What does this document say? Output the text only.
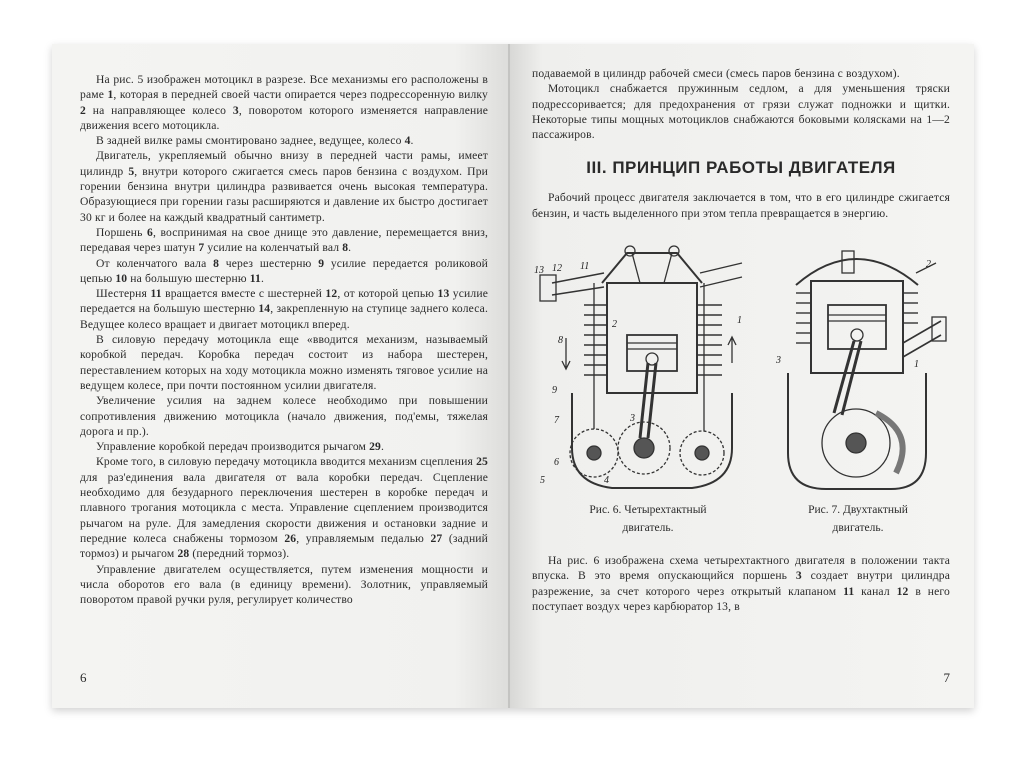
На рис. 5 изображен мотоцикл в разрезе. Все механизмы его расположены в раме 1, которая в передней своей части опирается через подрессоренную вилку 2 на направляющее колесо 3, поворотом которого изменяется направление движения всего мотоцикла.

В задней вилке рамы смонтировано заднее, ведущее, колесо 4.

Двигатель, укрепляемый обычно внизу в передней части рамы, имеет цилиндр 5, внутри которого сжигается смесь паров бензина с воздухом. При горении бензина внутри цилиндра развивается очень высокая температура. Образующиеся при горении газы расширяются и давление их быстро достигает 30 кг и более на каждый квадратный сантиметр.

Поршень 6, воспринимая на свое днище это давление, перемещается вниз, передавая через шатун 7 усилие на коленчатый вал 8.

От коленчатого вала 8 через шестерню 9 усилие передается роликовой цепью 10 на большую шестерню 11.

Шестерня 11 вращается вместе с шестерней 12, от которой цепью 13 усилие передается на большую шестерню 14, закрепленную на ступице заднего колеса. Ведущее колесо вращает и двигает мотоцикл вперед.

В силовую передачу мотоцикла еще «вводится механизм, называемый коробкой передач. Коробка передач состоит из набора шестерен, переставлением которых на ходу мотоцикла можно изменять тяговое усилие на ведущем колесе, при почти постоянном усилии двигателя.

Увеличение усилия на заднем колесе необходимо при повышении сопротивления движению мотоцикла (начало движения, под'емы, тяжелая дорога и пр.).

Управление коробкой передач производится рычагом 29.

Кроме того, в силовую передачу мотоцикла вводится механизм сцепления 25 для раз'единения вала двигателя от вала коробки передач. Сцепление необходимо для безударного переключения шестерен в коробке передач и плавного трогания мотоцикла с места. Управление сцеплением производится рычагом на руле. Для замедления скорости движения и остановки задние и передние колеса снабжены тормозом 26, управляемым педалью 27 (задний тормоз) и рычагом 28 (передний тормоз).

Управление двигателем осуществляется, путем изменения мощности и числа оборотов его вала (в единицу времени). Золотник, управляемый поворотом правой ручки руля, регулирует количество

6

подаваемой в цилиндр рабочей смеси (смесь паров бензина с воздухом).

Мотоцикл снабжается пружинным седлом, а для уменьшения тряски подрессоривается; для предохранения от грязи служат подножки и щитки. Некоторые типы мощных мотоциклов снабжаются боковыми колясками на 1—2 пассажиров.

III. ПРИНЦИП РАБОТЫ ДВИГАТЕЛЯ

Рабочий процесс двигателя заключается в том, что в его цилиндре сжигается бензин, и часть выделенного при этом тепла превращается в энергию.

13 12 11
8
9
7
6
5	4
3
2	1
Рис. 6. Четырехтактный
двигатель.
2
3	1
Рис. 7. Двухтактный
двигатель.

На рис. 6 изображена схема четырехтактного двигателя в положении такта впуска. В это время опускающийся поршень 3 создает внутри цилиндра разрежение, за счет которого через открытый клапаном 11 канал 12 в него поступает воздух через карбюратор 13, в

7
